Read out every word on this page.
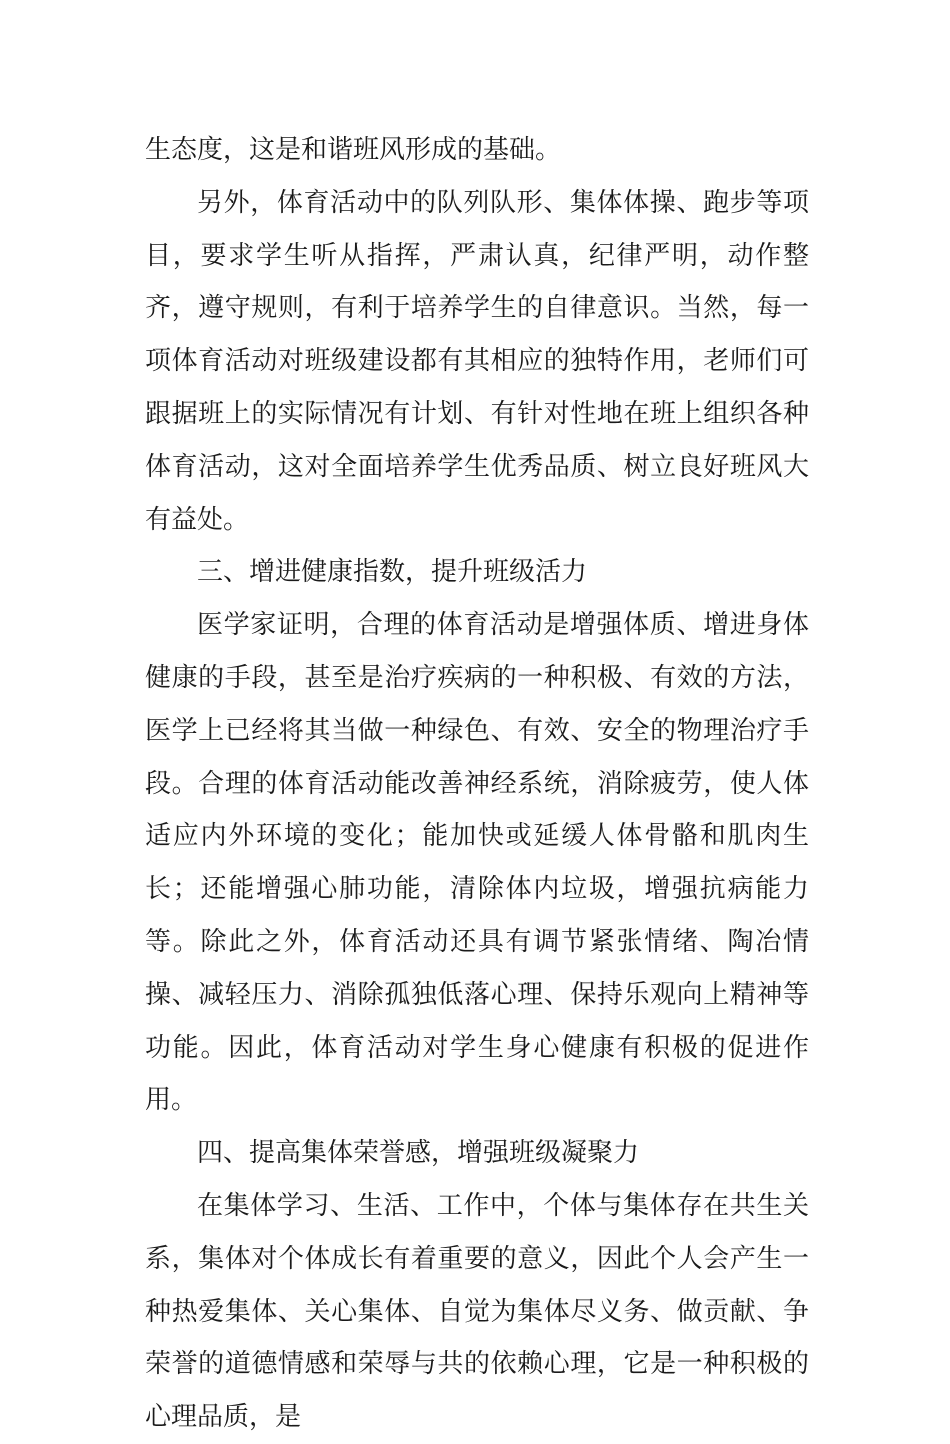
生态度，这是和谐班风形成的基础。

另外，体育活动中的队列队形、集体体操、跑步等项目，要求学生听从指挥，严肃认真，纪律严明，动作整齐，遵守规则，有利于培养学生的自律意识。当然，每一项体育活动对班级建设都有其相应的独特作用，老师们可跟据班上的实际情况有计划、有针对性地在班上组织各种体育活动，这对全面培养学生优秀品质、树立良好班风大有益处。

三、增进健康指数，提升班级活力

医学家证明，合理的体育活动是增强体质、增进身体健康的手段，甚至是治疗疾病的一种积极、有效的方法，医学上已经将其当做一种绿色、有效、安全的物理治疗手段。合理的体育活动能改善神经系统，消除疲劳，使人体适应内外环境的变化；能加快或延缓人体骨骼和肌肉生长；还能增强心肺功能，清除体内垃圾，增强抗病能力等。除此之外，体育活动还具有调节紧张情绪、陶冶情操、减轻压力、消除孤独低落心理、保持乐观向上精神等功能。因此，体育活动对学生身心健康有积极的促进作用。

四、提高集体荣誉感，增强班级凝聚力

在集体学习、生活、工作中，个体与集体存在共生关系，集体对个体成长有着重要的意义，因此个人会产生一种热爱集体、关心集体、自觉为集体尽义务、做贡献、争荣誉的道德情感和荣辱与共的依赖心理，它是一种积极的心理品质，是
